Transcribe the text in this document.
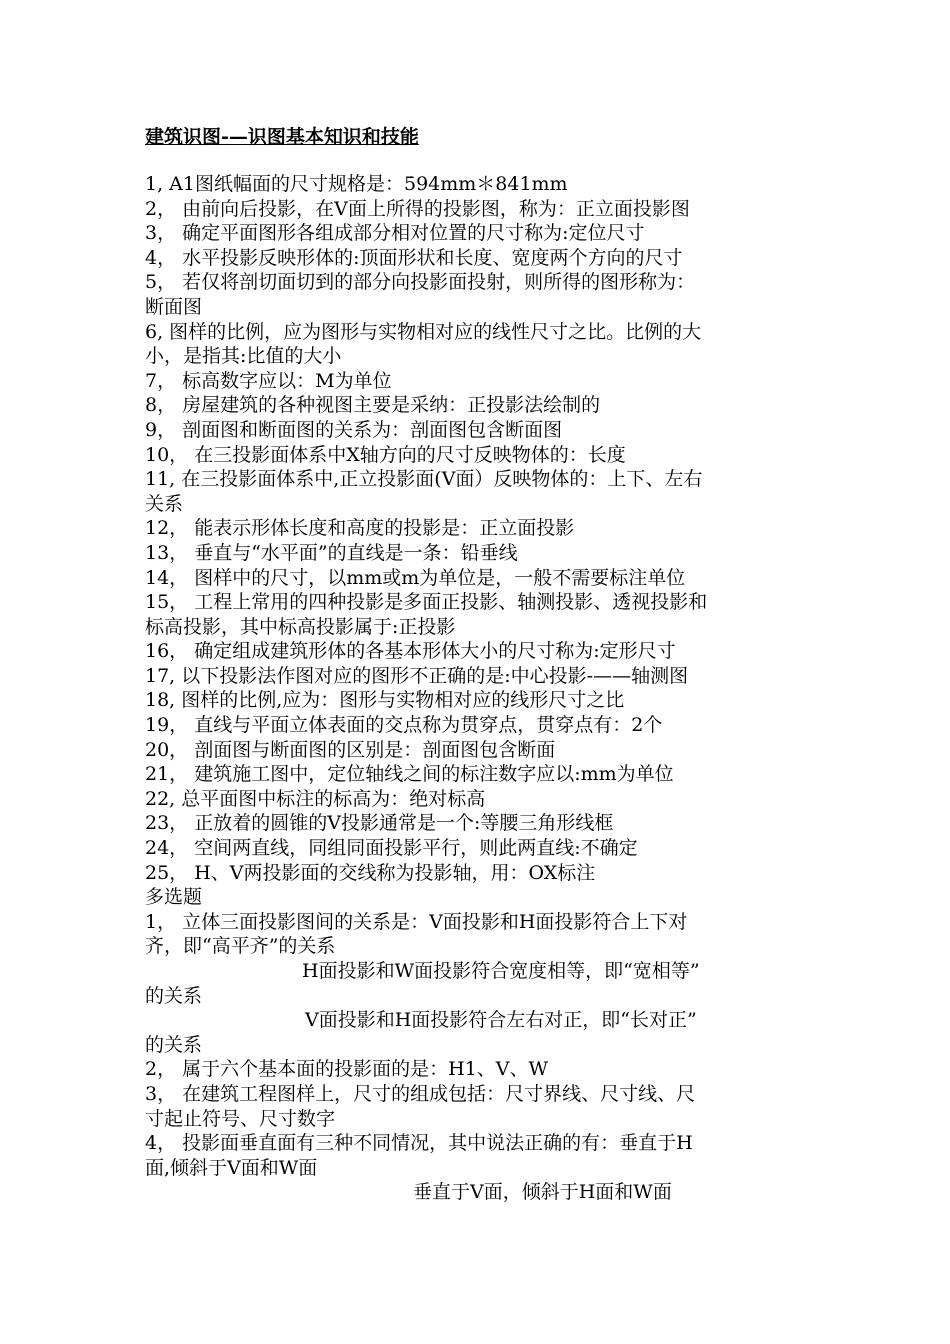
建筑识图-—识图基本知识和技能
1, A1图纸幅面的尺寸规格是：594mm＊841mm
2， 由前向后投影，在V面上所得的投影图，称为：正立面投影图
3， 确定平面图形各组成部分相对位置的尺寸称为:定位尺寸
4， 水平投影反映形体的:顶面形状和长度、宽度两个方向的尺寸
5， 若仅将剖切面切到的部分向投影面投射，则所得的图形称为：
断面图
6, 图样的比例，应为图形与实物相对应的线性尺寸之比。比例的大
小，是指其:比值的大小
7， 标高数字应以：M为单位
8， 房屋建筑的各种视图主要是采纳：正投影法绘制的
9， 剖面图和断面图的关系为：剖面图包含断面图
10， 在三投影面体系中X轴方向的尺寸反映物体的：长度
11, 在三投影面体系中,正立投影面(V面）反映物体的：上下、左右
关系
12， 能表示形体长度和高度的投影是：正立面投影
13， 垂直与“水平面”的直线是一条：铅垂线
14， 图样中的尺寸，以mm或m为单位是，一般不需要标注单位
15， 工程上常用的四种投影是多面正投影、轴测投影、透视投影和
标高投影，其中标高投影属于:正投影
16， 确定组成建筑形体的各基本形体大小的尺寸称为:定形尺寸
17, 以下投影法作图对应的图形不正确的是:中心投影-——轴测图
18, 图样的比例,应为：图形与实物相对应的线形尺寸之比
19， 直线与平面立体表面的交点称为贯穿点，贯穿点有：2个
20， 剖面图与断面图的区别是：剖面图包含断面
21， 建筑施工图中，定位轴线之间的标注数字应以:mm为单位
22, 总平面图中标注的标高为：绝对标高
23， 正放着的圆锥的V投影通常是一个:等腰三角形线框
24， 空间两直线，同组同面投影平行，则此两直线:不确定
25， H、V两投影面的交线称为投影轴，用：OX标注
多选题
1， 立体三面投影图间的关系是：V面投影和H面投影符合上下对
齐，即“高平齐”的关系
H面投影和W面投影符合宽度相等，即“宽相等”
的关系
V面投影和H面投影符合左右对正，即“长对正”
的关系
2， 属于六个基本面的投影面的是：H1、V、W
3， 在建筑工程图样上，尺寸的组成包括：尺寸界线、尺寸线、尺
寸起止符号、尺寸数字
4， 投影面垂直面有三种不同情况，其中说法正确的有：垂直于H
面,倾斜于V面和W面
垂直于V面，倾斜于H面和W面
